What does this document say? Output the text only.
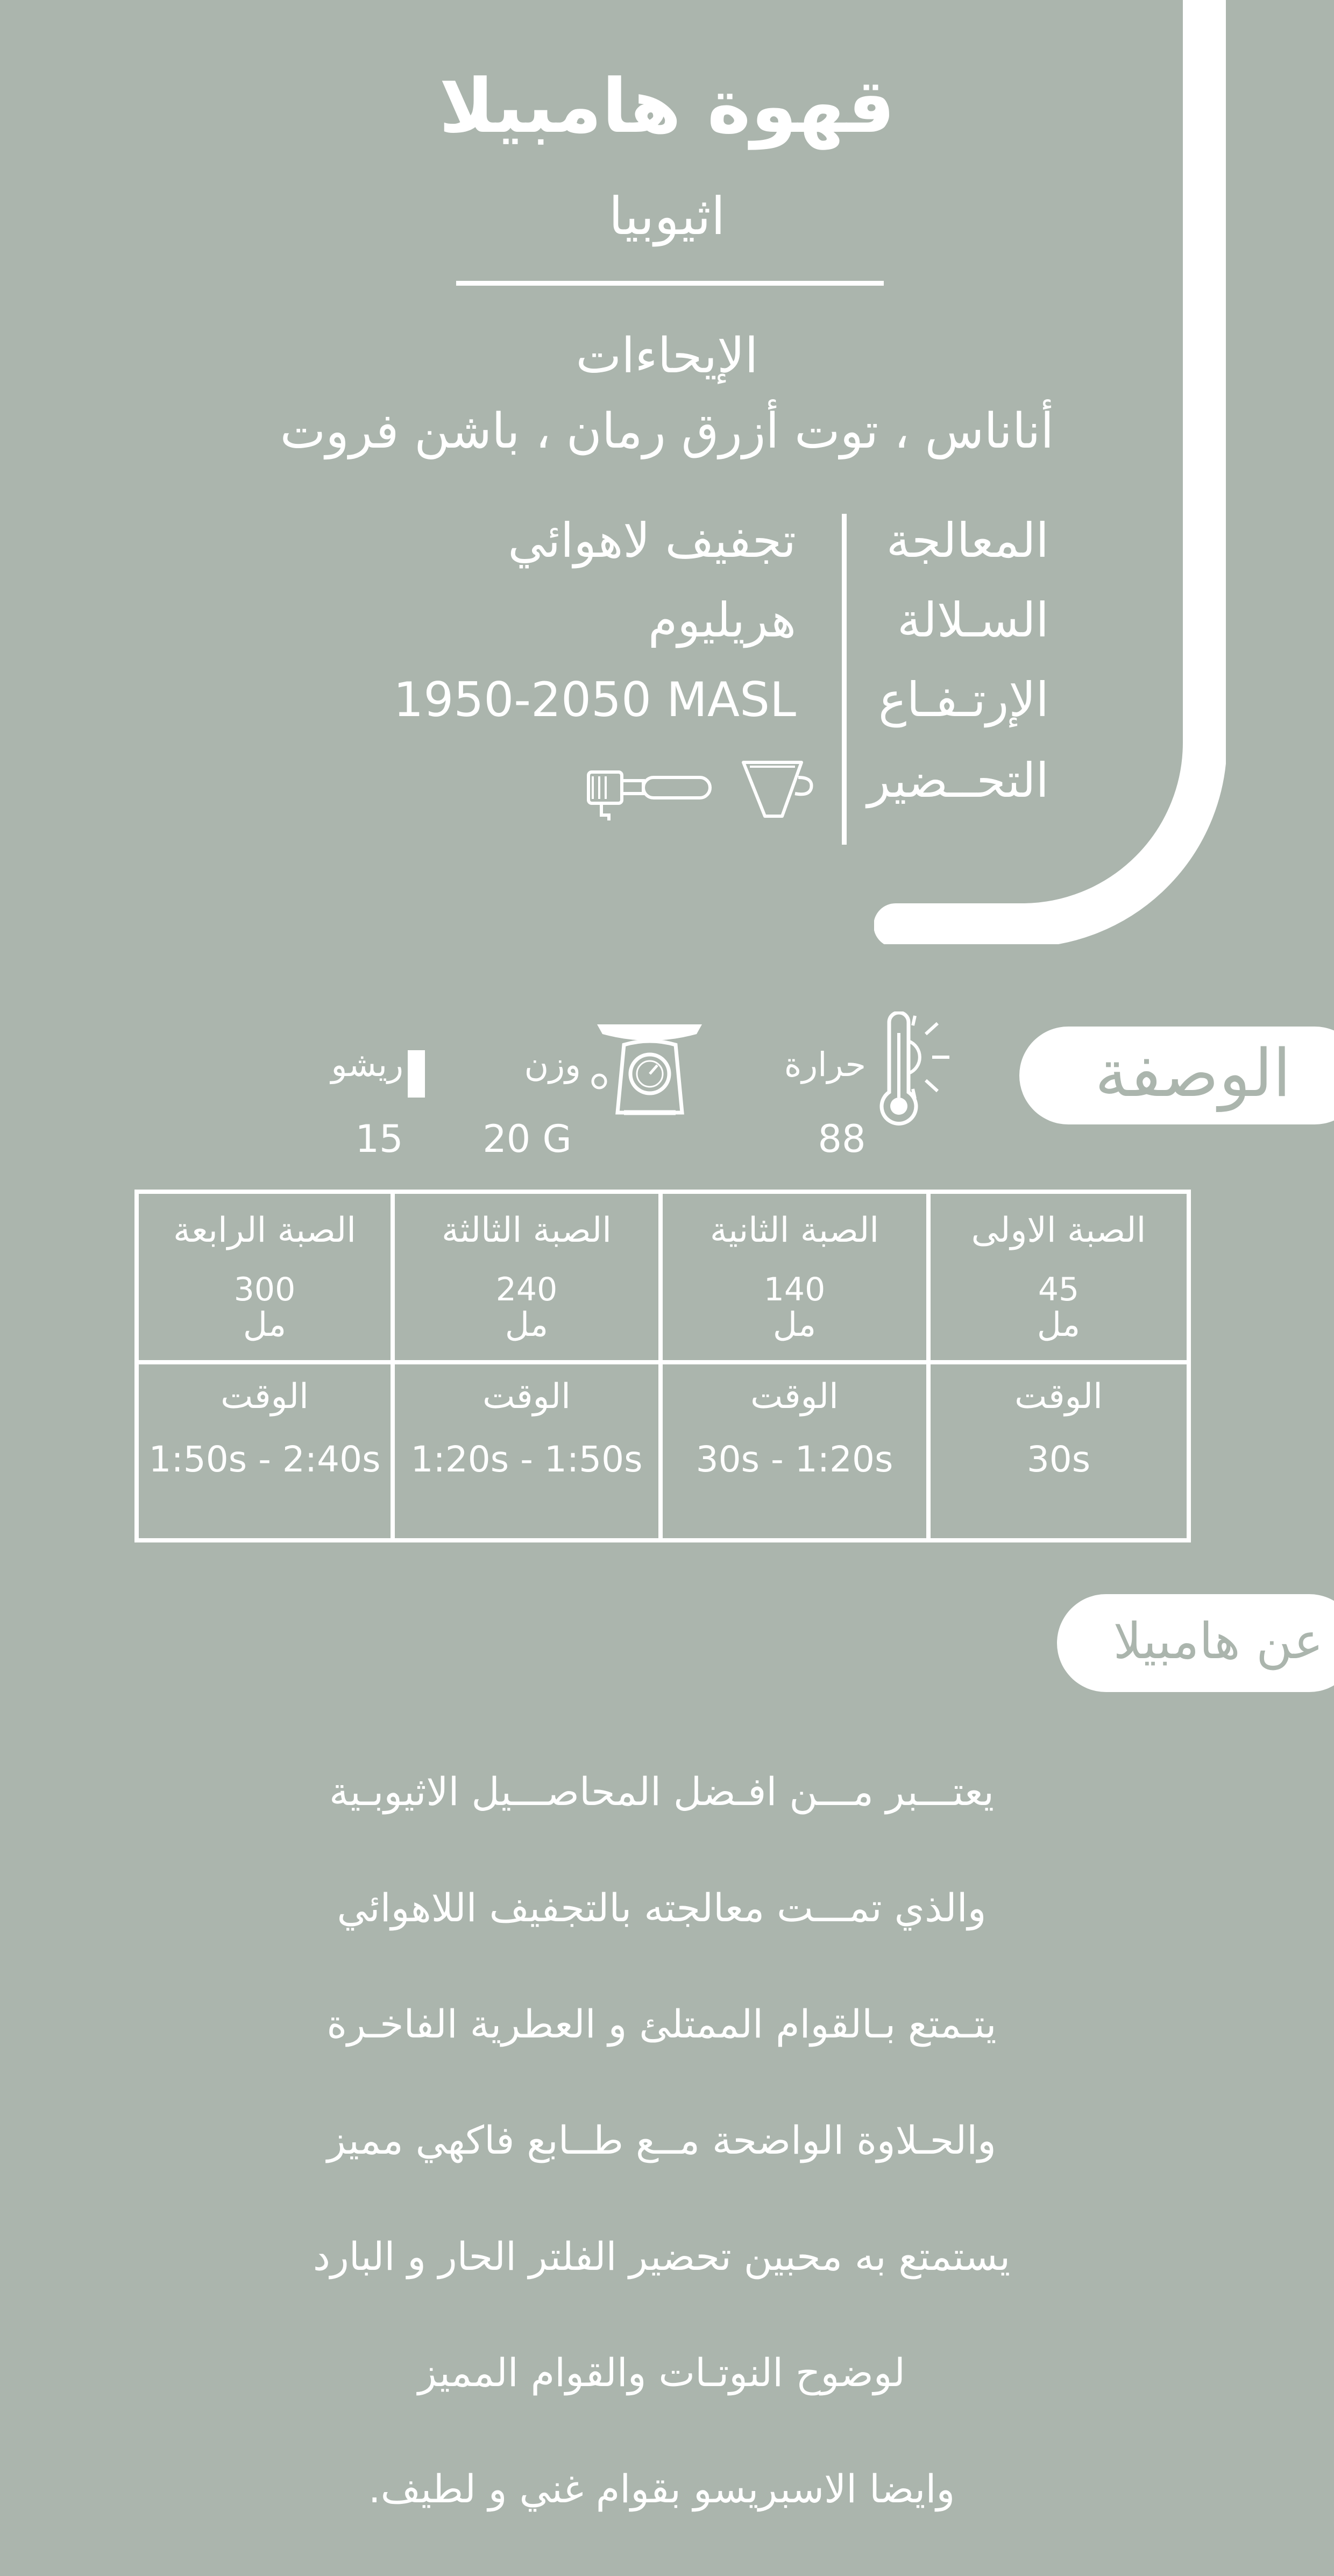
قهوة هامبيلا
اثيوبيا
الإيحاءات
أناناس ، توت أزرق رمان ، باشن فروت
المعالجة
تجفيف لاهوائي
السـلالة
هريليوم
الإرتـفـاع
1950-2050 MASL
التحــضير
الوصفة
حرارة
88
وزن
20 G
ريشو
15
الصبة الاولى
45
مل
الصبة الثانية
140
مل
الصبة الثالثة
240
مل
الصبة الرابعة
300
مل
الوقت
30s
الوقت
30s - 1:20s
الوقت
1:20s - 1:50s
الوقت
1:50s - 2:40s
عن هامبيلا

يعتـــبر مـــن افـضل المحاصـــيل الاثيوبـية

والذي تمـــت معالجته بالتجفيف اللاهوائي

يتـمتع بـالقوام الممتلئ و العطرية الفاخـرة

والحـلاوة الواضحة مــع طــابع فاكهي مميز

يستمتع به محبين تحضير الفلتر الحار و البارد

لوضوح النوتـات والقوام المميز

وايضا الاسبريسو بقوام غني و لطيف.
